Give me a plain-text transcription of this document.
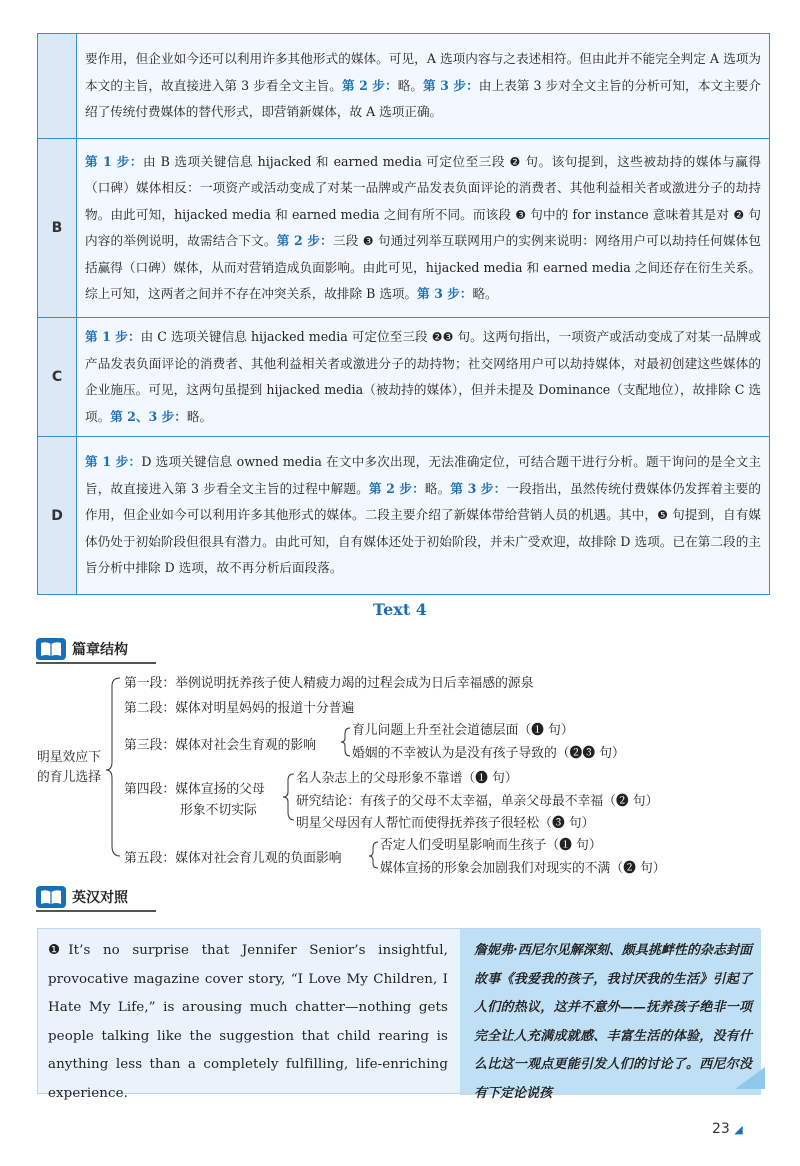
	要作用，但企业如今还可以利用许多其他形式的媒体。可见，A 选项内容与之表述相符。但由此并不能完全判定 A 选项为本文的主旨，故直接进入第 3 步看全文主旨。第 2 步：略。第 3 步：由上表第 3 步对全文主旨的分析可知，本文主要介绍了传统付费媒体的替代形式，即营销新媒体，故 A 选项正确。
B	第 1 步：由 B 选项关键信息 hijacked 和 earned media 可定位至三段 ❷ 句。该句提到，这些被劫持的媒体与赢得（口碑）媒体相反：一项资产或活动变成了对某一品牌或产品发表负面评论的消费者、其他利益相关者或激进分子的劫持物。由此可知，hijacked media 和 earned media 之间有所不同。而该段 ❸ 句中的 for instance 意味着其是对 ❷ 句内容的举例说明，故需结合下文。第 2 步：三段 ❸ 句通过列举互联网用户的实例来说明：网络用户可以劫持任何媒体包括赢得（口碑）媒体，从而对营销造成负面影响。由此可见，hijacked media 和 earned media 之间还存在衍生关系。综上可知，这两者之间并不存在冲突关系，故排除 B 选项。第 3 步：略。
C	第 1 步：由 C 选项关键信息 hijacked media 可定位至三段 ❷❸ 句。这两句指出，一项资产或活动变成了对某一品牌或产品发表负面评论的消费者、其他利益相关者或激进分子的劫持物；社交网络用户可以劫持媒体，对最初创建这些媒体的企业施压。可见，这两句虽提到 hijacked media（被劫持的媒体），但并未提及 Dominance（支配地位），故排除 C 选项。第 2、3 步：略。
D	第 1 步：D 选项关键信息 owned media 在文中多次出现，无法准确定位，可结合题干进行分析。题干询问的是全文主旨，故直接进入第 3 步看全文主旨的过程中解题。第 2 步：略。第 3 步：一段指出，虽然传统付费媒体仍发挥着主要的作用，但企业如今可以利用许多其他形式的媒体。二段主要介绍了新媒体带给营销人员的机遇。其中，❺ 句提到，自有媒体仍处于初始阶段但很具有潜力。由此可知，自有媒体还处于初始阶段，并未广受欢迎，故排除 D 选项。已在第二段的主旨分析中排除 D 选项，故不再分析后面段落。
Text 4
篇章结构
明星效应下
的育儿选择
第一段：举例说明抚养孩子使人精疲力竭的过程会成为日后幸福感的源泉
第二段：媒体对明星妈妈的报道十分普遍
第三段：媒体对社会生育观的影响
育儿问题上升至社会道德层面（❶ 句）
婚姻的不幸被认为是没有孩子导致的（❷❸ 句）
第四段：媒体宣扬的父母
形象不切实际
名人杂志上的父母形象不靠谱（❶ 句）
研究结论：有孩子的父母不太幸福，单亲父母最不幸福（❷ 句）
明星父母因有人帮忙而使得抚养孩子很轻松（❸ 句）
第五段：媒体对社会育儿观的负面影响
否定人们受明星影响而生孩子（❶ 句）
媒体宣扬的形象会加剧我们对现实的不满（❷ 句）
英汉对照
❶It’s no surprise that Jennifer Senior’s insightful, provocative magazine cover story, “I Love My Children, I Hate My Life,” is arousing much chatter—nothing gets people talking like the suggestion that child rearing is anything less than a completely fulfilling, life-enriching experience.
詹妮弗·西尼尔见解深刻、颇具挑衅性的杂志封面故事《我爱我的孩子，我讨厌我的生活》引起了人们的热议，这并不意外——抚养孩子绝非一项完全让人充满成就感、丰富生活的体验，没有什么比这一观点更能引发人们的讨论了。西尼尔没有下定论说孩
23 ◢
